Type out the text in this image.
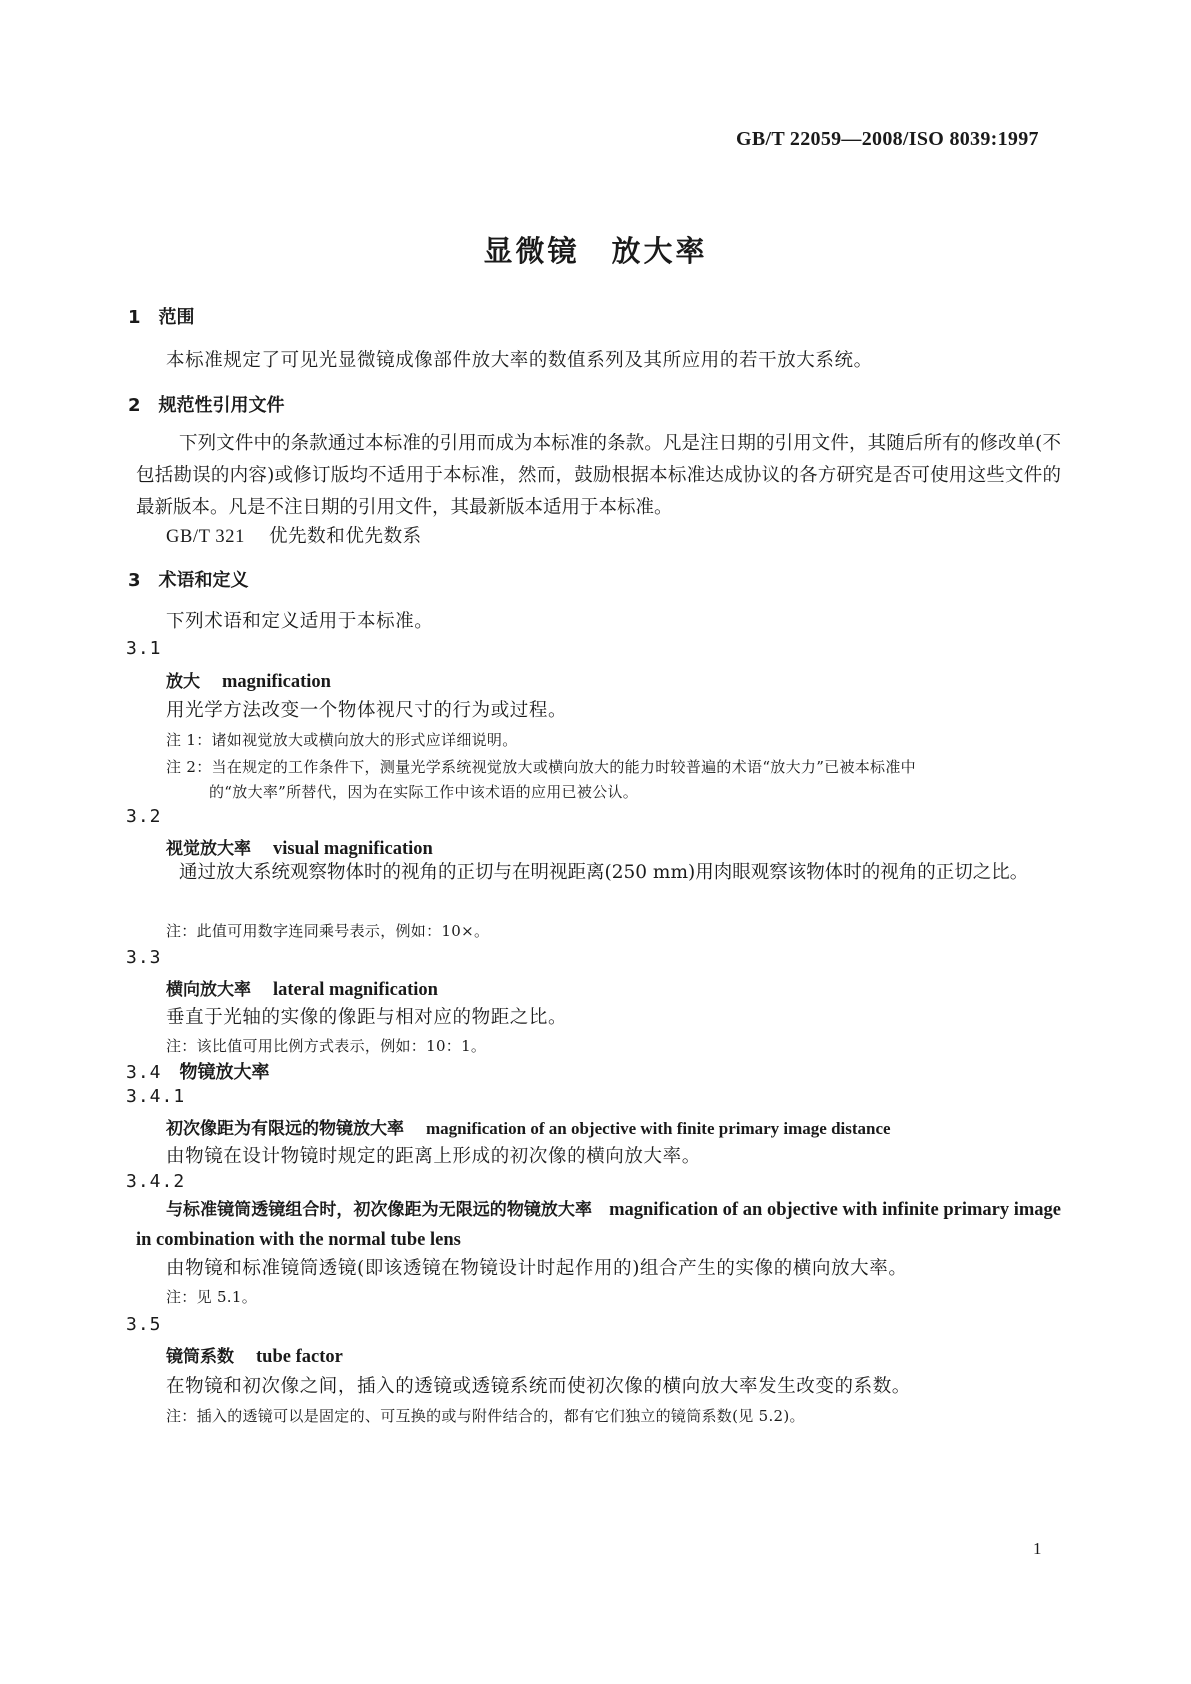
GB/T 22059—2008/ISO 8039:1997
显微镜　放大率
1 范围
本标准规定了可见光显微镜成像部件放大率的数值系列及其所应用的若干放大系统。
2 规范性引用文件
下列文件中的条款通过本标准的引用而成为本标准的条款。凡是注日期的引用文件，其随后所有的修改单(不包括勘误的内容)或修订版均不适用于本标准，然而，鼓励根据本标准达成协议的各方研究是否可使用这些文件的最新版本。凡是不注日期的引用文件，其最新版本适用于本标准。
GB/T 321 优先数和优先数系
3 术语和定义
下列术语和定义适用于本标准。
3.1
放大 magnification
用光学方法改变一个物体视尺寸的行为或过程。
注 1：诸如视觉放大或横向放大的形式应详细说明。
注 2：当在规定的工作条件下，测量光学系统视觉放大或横向放大的能力时较普遍的术语“放大力”已被本标准中
的“放大率”所替代，因为在实际工作中该术语的应用已被公认。
3.2
视觉放大率 visual magnification
通过放大系统观察物体时的视角的正切与在明视距离(250 mm)用肉眼观察该物体时的视角的正切之比。
注：此值可用数字连同乘号表示，例如：10×。
3.3
横向放大率 lateral magnification
垂直于光轴的实像的像距与相对应的物距之比。
注：该比值可用比例方式表示，例如：10：1。
3.4 物镜放大率
3.4.1
初次像距为有限远的物镜放大率 magnification of an objective with finite primary image distance
由物镜在设计物镜时规定的距离上形成的初次像的横向放大率。
3.4.2
与标准镜筒透镜组合时，初次像距为无限远的物镜放大率　 magnification of an objective with infinite primary image in combination with the normal tube lens
由物镜和标准镜筒透镜(即该透镜在物镜设计时起作用的)组合产生的实像的横向放大率。
注：见 5.1。
3.5
镜筒系数 tube factor
在物镜和初次像之间，插入的透镜或透镜系统而使初次像的横向放大率发生改变的系数。
注：插入的透镜可以是固定的、可互换的或与附件结合的，都有它们独立的镜筒系数(见 5.2)。
1
